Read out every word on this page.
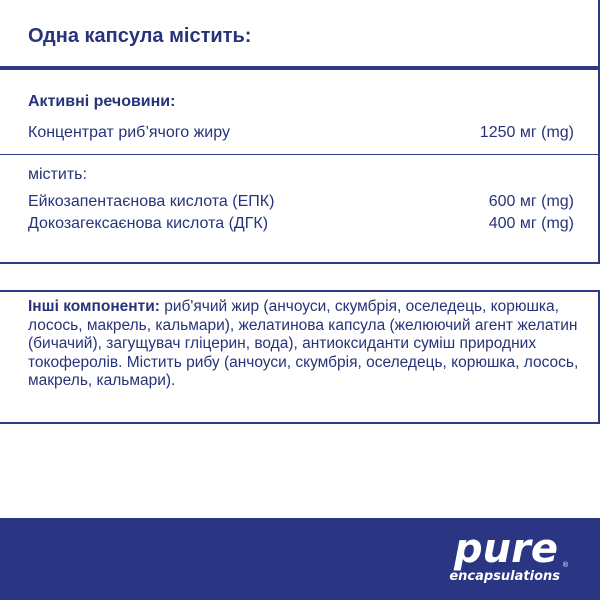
Одна капсула містить:
Активні речовини:
Концентрат риб’ячого жиру	1250 мг (mg)
містить:
Ейкозапентаєнова кислота (ЕПК)	600 мг (mg)
Докозагексаєнова кислота (ДГК)	400 мг (mg)
Інші компоненти: риб'ячий жир (анчоуси, скумбрія, оселедець, корюшка, лосось, макрель, кальмари), желатинова капсула (желюючий агент желатин (бичачий), загущувач гліцерин, вода), антиоксиданти суміш природних токоферолів. Містить рибу (анчоуси, скумбрія, оселедець, корюшка, лосось, макрель, кальмари).
pure ®
encapsulations
